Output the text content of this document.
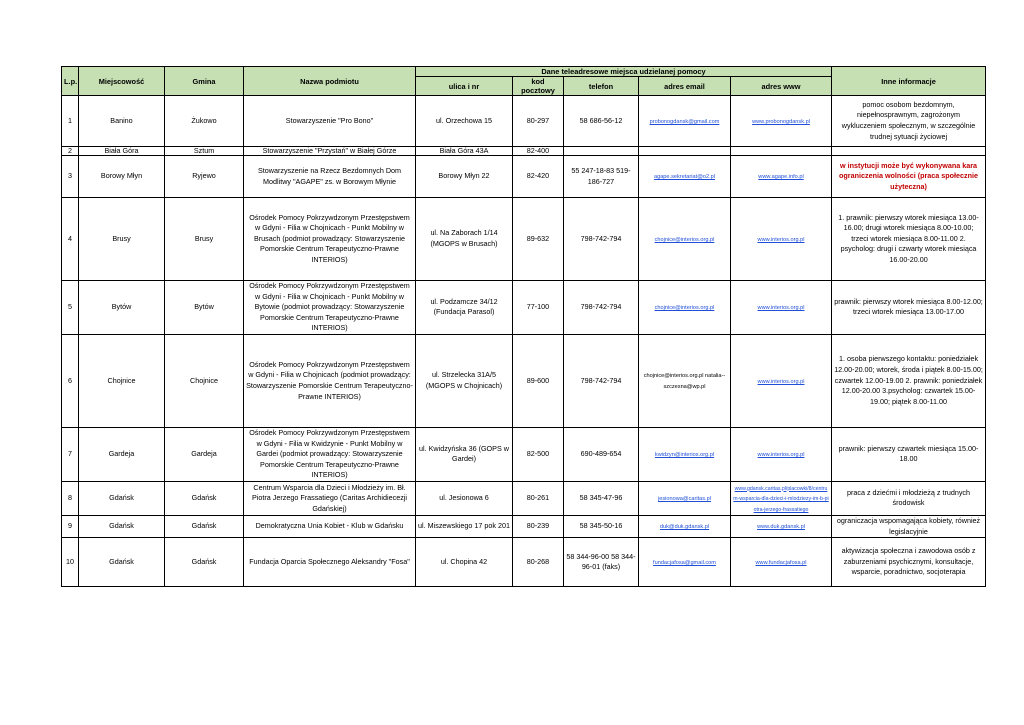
L.p.	Miejscowość	Gmina	Nazwa podmiotu	Dane teleadresowe miejsca udzielanej pomocy					Inne informacje
				ulica i nr	kod pocztowy	telefon	adres email	adres www	
1	Banino	Żukowo	Stowarzyszenie "Pro Bono"	ul. Orzechowa 15	80-297	58 686-56-12	probonogdansk@gmail.com	www.probonogdansk.pl	pomoc osobom bezdomnym, niepełnosprawnym, zagrożonym wykluczeniem społecznym, w szczególnie trudnej sytuacji życiowej
2	Biała Góra	Sztum	Stowarzyszenie "Przystań" w Białej Górze	Biała Góra 43A	82-400				
3	Borowy Młyn	Ryjewo	Stowarzyszenie na Rzecz Bezdomnych Dom Modlitwy "AGAPE" zs. w Borowym Młynie	Borowy Młyn 22	82-420	55 247-18-83 519-186-727	agape.sekretariat@o2.pl	www.agape.info.pl	w instytucji może być wykonywana kara ograniczenia wolności (praca społecznie użyteczna)
4	Brusy	Brusy	Ośrodek Pomocy Pokrzywdzonym Przestępstwem w Gdyni - Filia w Chojnicach - Punkt Mobilny w Brusach (podmiot prowadzący: Stowarzyszenie Pomorskie Centrum Terapeutyczno-Prawne INTERIOS)	ul. Na Zaborach 1/14 (MGOPS w Brusach)	89-632	798-742-794	chojnice@interios.org.pl	www.interios.org.pl	1. prawnik: pierwszy wtorek miesiąca 13.00-16.00; drugi wtorek miesiąca 8.00-10.00; trzeci wtorek miesiąca 8.00-11.00 2. psycholog: drugi i czwarty wtorek miesiąca 16.00-20.00
5	Bytów	Bytów	Ośrodek Pomocy Pokrzywdzonym Przestępstwem w Gdyni - Filia w Chojnicach - Punkt Mobilny w Bytowie (podmiot prowadzący: Stowarzyszenie Pomorskie Centrum Terapeutyczno-Prawne INTERIOS)	ul. Podzamcze 34/12 (Fundacja Parasol)	77-100	798-742-794	chojnice@interios.org.pl	www.interios.org.pl	prawnik: pierwszy wtorek miesiąca 8.00-12.00; trzeci wtorek miesiąca 13.00-17.00
6	Chojnice	Chojnice	Ośrodek Pomocy Pokrzywdzonym Przestępstwem w Gdyni - Filia w Chojnicach (podmiot prowadzący: Stowarzyszenie Pomorskie Centrum Terapeutyczno-Prawne INTERIOS)	ul. Strzelecka 31A/5 (MGOPS w Chojnicach)	89-600	798-742-794	chojnice@interios.org.pl natalia--szczesna@wp.pl	www.interios.org.pl	1. osoba pierwszego kontaktu: poniedziałek 12.00-20.00; wtorek, środa i piątek 8.00-15.00; czwartek 12.00-19.00 2. prawnik: poniedziałek 12.00-20.00 3.psycholog: czwartek 15.00-19.00; piątek 8.00-11.00
7	Gardeja	Gardeja	Ośrodek Pomocy Pokrzywdzonym Przestępstwem w Gdyni - Filia w Kwidzynie - Punkt Mobilny w Gardei (podmiot prowadzący: Stowarzyszenie Pomorskie Centrum Terapeutyczno-Prawne INTERIOS)	ul. Kwidzyńska 36 (GOPS w Gardei)	82-500	690-489-654	kwidzyn@interios.org.pl	www.interios.org.pl	prawnik: pierwszy czwartek miesiąca 15.00-18.00
8	Gdańsk	Gdańsk	Centrum Wsparcia dla Dzieci i Młodzieży im. Bł. Piotra Jerzego Frassatiego (Caritas Archidiecezji Gdańskiej)	ul. Jesionowa 6	80-261	58 345-47-96	jesionowa@caritas.pl	www.gdansk.caritas.pl/placowki/8/centrum-wsparcia-dla-dzieci-i-mlodziezy-im-b-piotra-jerzego-frassatiego	praca z dziećmi i młodzieżą z trudnych środowisk
9	Gdańsk	Gdańsk	Demokratyczna Unia Kobiet - Klub w Gdańsku	ul. Miszewskiego 17 pok 201	80-239	58 345-50-16	duk@duk.gdansk.pl	www.duk.gdansk.pl	ograniczacja wspomagająca kobiety, również legislacyjnie
10	Gdańsk	Gdańsk	Fundacja Oparcia Społecznego Aleksandry "Fosa"	ul. Chopina 42	80-268	58 344-96-00 58 344-96-01 (faks)	fundacjafosa@gmail.com	www.fundacjafosa.pl	aktywizacja społeczna i zawodowa osób z zaburzeniami psychicznymi, konsultacje, wsparcie, poradnictwo, socjoterapia
